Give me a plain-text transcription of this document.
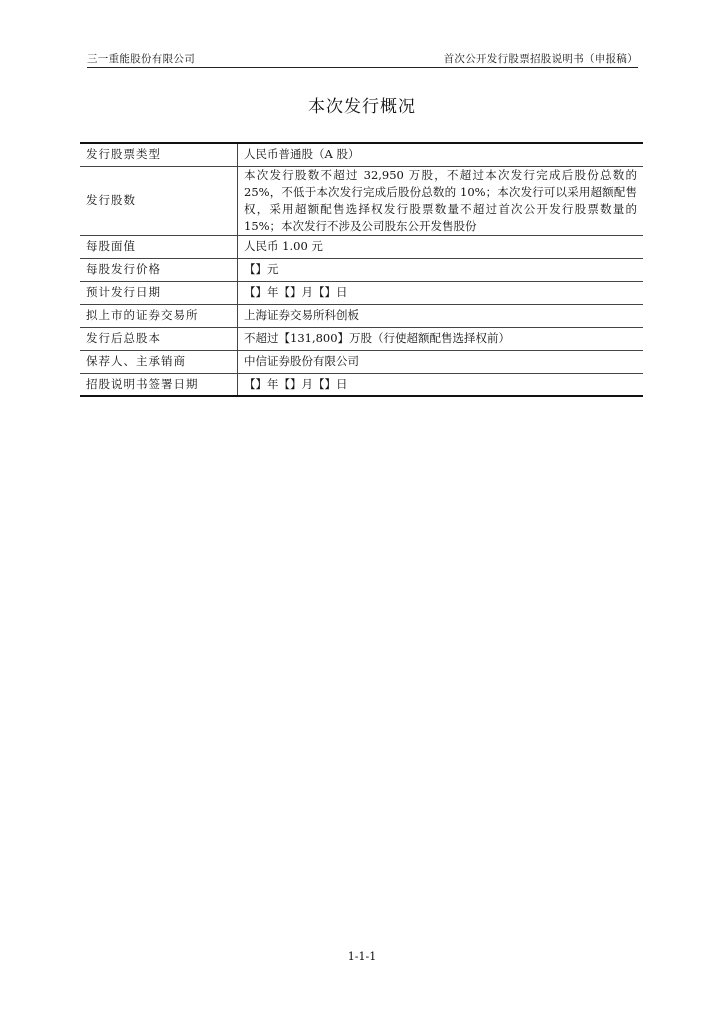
三一重能股份有限公司	首次公开发行股票招股说明书（申报稿）
本次发行概况
发行股票类型	人民币普通股（A 股）
发行股数	本次发行股数不超过 32,950 万股，不超过本次发行完成后股份总数的 25%，不低于本次发行完成后股份总数的 10%；本次发行可以采用超额配售权，采用超额配售选择权发行股票数量不超过首次公开发行股票数量的 15%；本次发行不涉及公司股东公开发售股份
每股面值	人民币 1.00 元
每股发行价格	【】元
预计发行日期	【】年【】月【】日
拟上市的证券交易所	上海证券交易所科创板
发行后总股本	不超过【131,800】万股（行使超额配售选择权前）
保荐人、主承销商	中信证券股份有限公司
招股说明书签署日期	【】年【】月【】日
1-1-1
